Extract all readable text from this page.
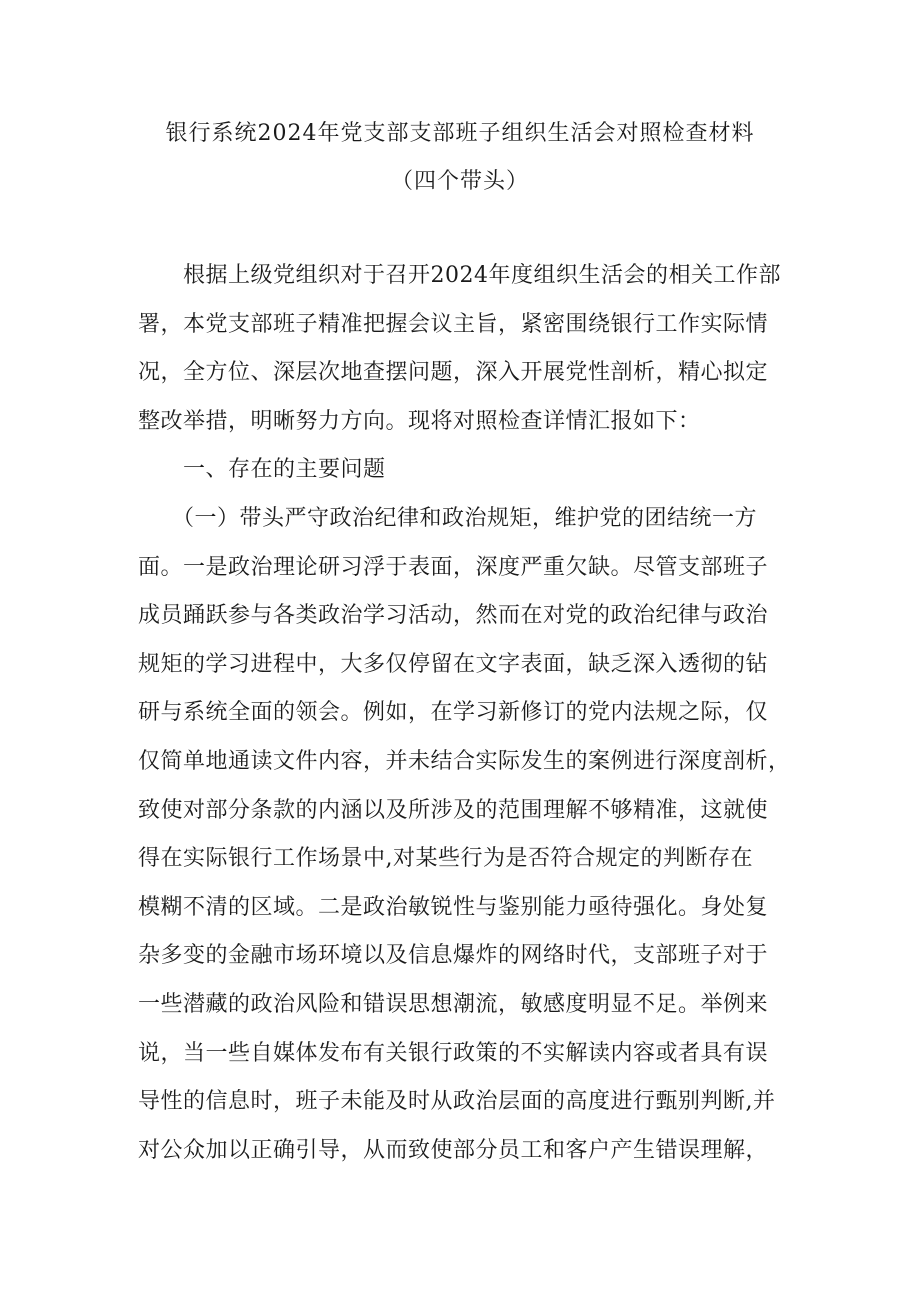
银行系统2024年党支部支部班子组织生活会对照检查材料
（四个带头）
　　根据上级党组织对于召开2024年度组织生活会的相关工作部
署，本党支部班子精准把握会议主旨，紧密围绕银行工作实际情
况，全方位、深层次地查摆问题，深入开展党性剖析，精心拟定
整改举措，明晰努力方向。现将对照检查详情汇报如下：
　　一、存在的主要问题
　　（一）带头严守政治纪律和政治规矩，维护党的团结统一方
面。一是政治理论研习浮于表面，深度严重欠缺。尽管支部班子
成员踊跃参与各类政治学习活动，然而在对党的政治纪律与政治
规矩的学习进程中，大多仅停留在文字表面，缺乏深入透彻的钻
研与系统全面的领会。例如，在学习新修订的党内法规之际，仅
仅简单地通读文件内容，并未结合实际发生的案例进行深度剖析，
致使对部分条款的内涵以及所涉及的范围理解不够精准，这就使
得在实际银行工作场景中,对某些行为是否符合规定的判断存在
模糊不清的区域。二是政治敏锐性与鉴别能力亟待强化。身处复
杂多变的金融市场环境以及信息爆炸的网络时代，支部班子对于
一些潜藏的政治风险和错误思想潮流，敏感度明显不足。举例来
说，当一些自媒体发布有关银行政策的不实解读内容或者具有误
导性的信息时，班子未能及时从政治层面的高度进行甄别判断,并
对公众加以正确引导，从而致使部分员工和客户产生错误理解，
